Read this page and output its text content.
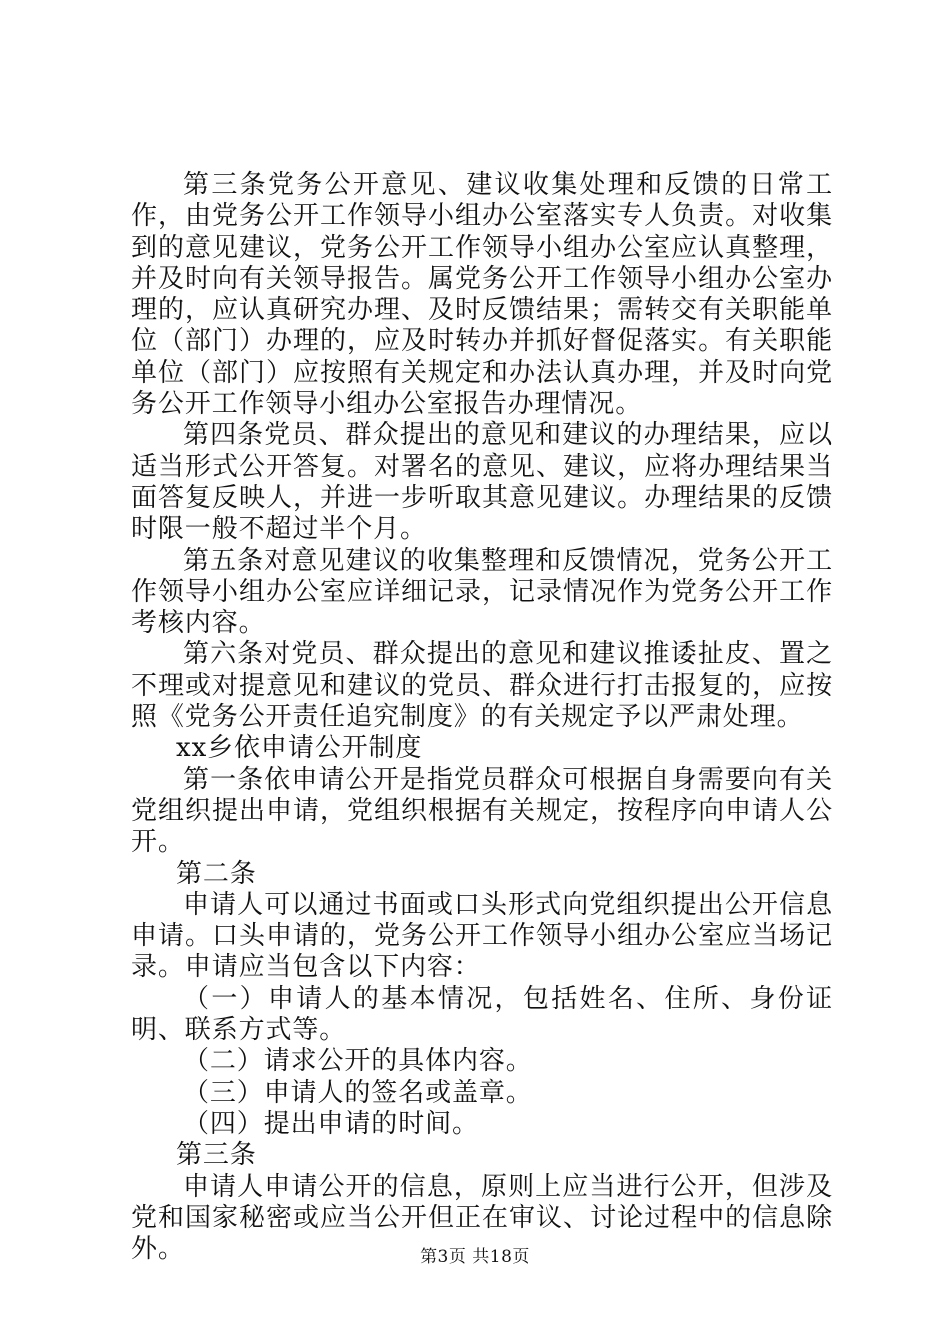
第三条党务公开意见、建议收集处理和反馈的日常工作，由党务公开工作领导小组办公室落实专人负责。对收集到的意见建议，党务公开工作领导小组办公室应认真整理，并及时向有关领导报告。属党务公开工作领导小组办公室办理的，应认真研究办理、及时反馈结果；需转交有关职能单位（部门）办理的，应及时转办并抓好督促落实。有关职能单位（部门）应按照有关规定和办法认真办理，并及时向党务公开工作领导小组办公室报告办理情况。

第四条党员、群众提出的意见和建议的办理结果，应以适当形式公开答复。对署名的意见、建议，应将办理结果当面答复反映人，并进一步听取其意见建议。办理结果的反馈时限一般不超过半个月。

第五条对意见建议的收集整理和反馈情况，党务公开工作领导小组办公室应详细记录，记录情况作为党务公开工作考核内容。

第六条对党员、群众提出的意见和建议推诿扯皮、置之不理或对提意见和建议的党员、群众进行打击报复的，应按照《党务公开责任追究制度》的有关规定予以严肃处理。

xx乡依申请公开制度

第一条依申请公开是指党员群众可根据自身需要向有关党组织提出申请，党组织根据有关规定，按程序向申请人公开。

第二条

申请人可以通过书面或口头形式向党组织提出公开信息申请。口头申请的，党务公开工作领导小组办公室应当场记录。申请应当包含以下内容：

（一）申请人的基本情况，包括姓名、住所、身份证明、联系方式等。

（二）请求公开的具体内容。

（三）申请人的签名或盖章。

（四）提出申请的时间。

第三条

申请人申请公开的信息，原则上应当进行公开，但涉及党和国家秘密或应当公开但正在审议、讨论过程中的信息除外。	第3页 共18页
